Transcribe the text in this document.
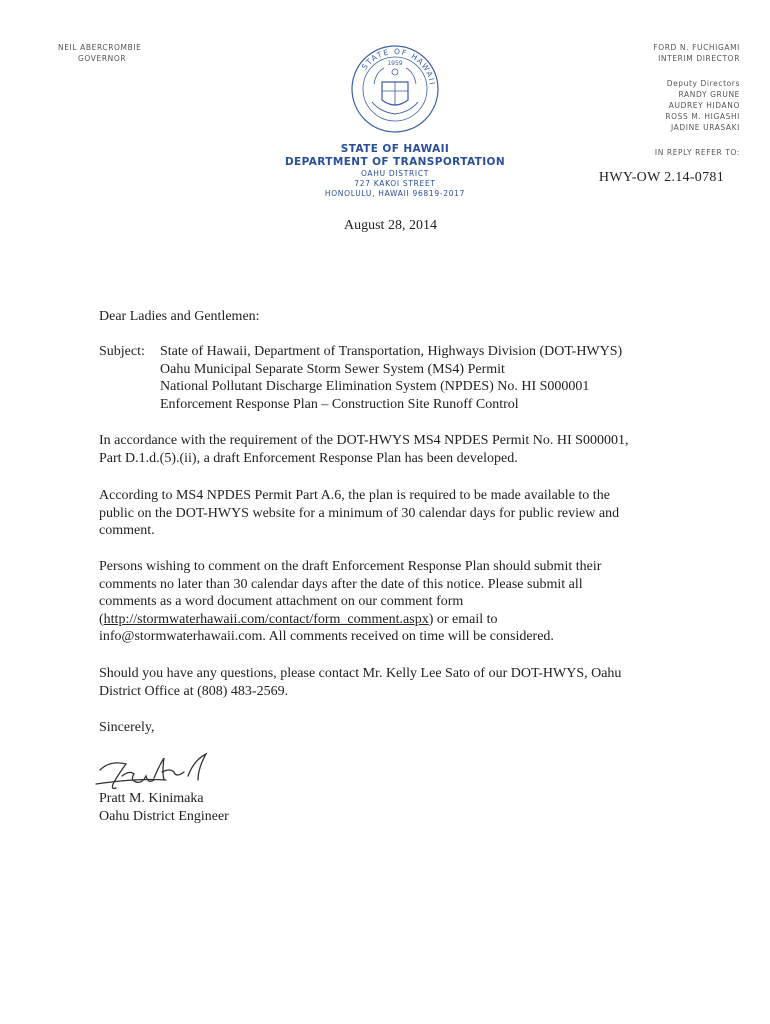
NEIL ABERCROMBIE
GOVERNOR
STATE OF HAWAII
1959
FORD N. FUCHIGAMI
INTERIM DIRECTOR
Deputy Directors
RANDY GRUNE
AUDREY HIDANO
ROSS M. HIGASHI
JADINE URASAKI
IN REPLY REFER TO:
STATE OF HAWAII
DEPARTMENT OF TRANSPORTATION
OAHU DISTRICT
727 KAKOI STREET
HONOLULU, HAWAII 96819-2017
HWY-OW 2.14-0781
August 28, 2014
Dear Ladies and Gentlemen:
Subject: State of Hawaii, Department of Transportation, Highways Division (DOT-HWYS)
Oahu Municipal Separate Storm Sewer System (MS4) Permit
National Pollutant Discharge Elimination System (NPDES) No. HI S000001
Enforcement Response Plan – Construction Site Runoff Control
In accordance with the requirement of the DOT-HWYS MS4 NPDES Permit No. HI S000001,
Part D.1.d.(5).(ii), a draft Enforcement Response Plan has been developed.
According to MS4 NPDES Permit Part A.6, the plan is required to be made available to the
public on the DOT-HWYS website for a minimum of 30 calendar days for public review and
comment.
Persons wishing to comment on the draft Enforcement Response Plan should submit their
comments no later than 30 calendar days after the date of this notice. Please submit all
comments as a word document attachment on our comment form
(http://stormwaterhawaii.com/contact/form_comment.aspx) or email to
info@stormwaterhawaii.com. All comments received on time will be considered.
Should you have any questions, please contact Mr. Kelly Lee Sato of our DOT-HWYS, Oahu
District Office at (808) 483-2569.
Sincerely,
Pratt M. Kinimaka
Oahu District Engineer
